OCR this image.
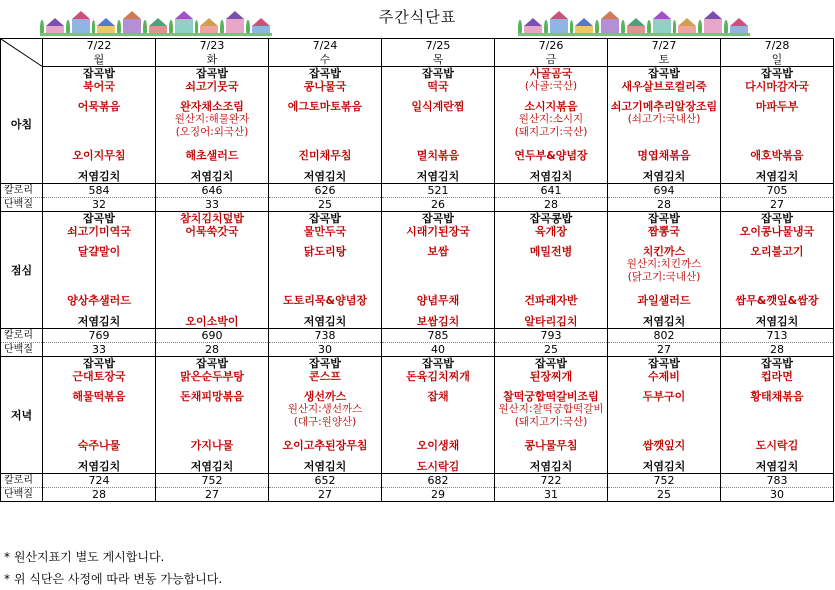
주간식단표
	7/22	7/23	7/24	7/25	7/26	7/27	7/28
	월	화	수	목	금	토	일
아침	잡곡밥	잡곡밥	잡곡밥	잡곡밥	사골곰국	잡곡밥	잡곡밥
	북어국	쇠고기뭇국	콩나물국	떡국	(사골:국산)	새우살브로컬리죽	다시마감자국

	어묵볶음	완자채소조림	에그토마토볶음	일식계란찜	소시지볶음	쇠고기메추리알장조림	마파두부
		원산지:해물완자			원산지:소시지	(쇠고기:국내산)	
		(오징어:외국산)			(돼지고기:국산)		

	오이지무침	해초샐러드	진미채무침	멸치볶음	연두부&양념장	명엽채볶음	애호박볶음

	저염김치	저염김치	저염김치	저염김치	저염김치	저염김치	저염김치
칼로리	584	646	626	521	641	694	705
단백질	32	33	25	26	28	28	27
점심	잡곡밥	참치김치덮밥	잡곡밥	잡곡밥	잡곡콩밥	잡곡밥	잡곡밥
	쇠고기미역국	어묵쑥갓국	물만두국	시래기된장국	육개장	짬뽕국	오이콩나물냉국

	달걀말이		닭도리탕	보쌈	메밀전병	치킨까스	오리불고기
						원산지:치킨까스	
						(닭고기:국내산)	

	양상추샐러드		도토리묵&양념장	양념무채	건파래자반	과일샐러드	쌈무&깻잎&쌈장

	저염김치	오이소박이	저염김치	보쌈김치	알타리김치	저염김치	저염김치
칼로리	769	690	738	785	793	802	713
단백질	33	28	30	40	25	27	28
저녁	잡곡밥	잡곡밥	잡곡밥	잡곡밥	잡곡밥	잡곡밥	잡곡밥
	근대토장국	맑은순두부탕	콘스프	돈육김치찌개	된장찌개	수제비	컵라면

	해물떡볶음	돈채피망볶음	생선까스	잡채	찰떡궁합떡갈비조림	두부구이	황태채볶음
			원산지:생선까스		원산지:찰떡궁합떡갈비		
			(대구:원양산)		(돼지고기:국산)		

	숙주나물	가지나물	오이고추된장무침	오이생채	콩나물무침	쌈깻잎지	도시락김

	저염김치	저염김치	저염김치	도시락김	저염김치	저염김치	저염김치
칼로리	724	752	652	682	722	752	783
단백질	28	27	27	29	31	25	30
* 원산지표기 별도 게시합니다.
* 위 식단은 사정에 따라 변동 가능합니다.
